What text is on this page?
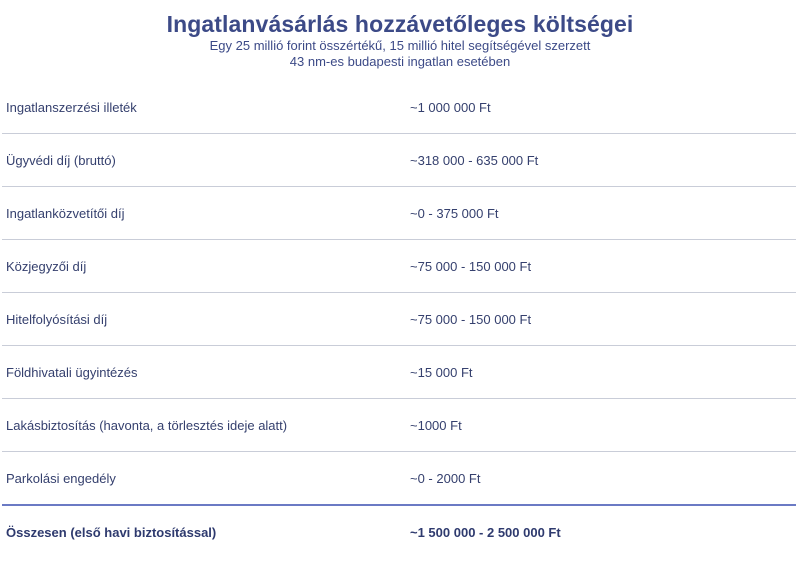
Ingatlanvásárlás hozzávetőleges költségei
Egy 25 millió forint összértékű, 15 millió hitel segítségével szerzett
43 nm-es budapesti ingatlan esetében
Ingatlanszerzési illeték	~1 000 000 Ft
Ügyvédi díj (bruttó)	~318 000 - 635 000 Ft
Ingatlanközvetítői díj	~0 - 375 000 Ft
Közjegyzői díj	~75 000 - 150 000 Ft
Hitelfolyósítási díj	~75 000 - 150 000 Ft
Földhivatali ügyintézés	~15 000 Ft
Lakásbiztosítás (havonta, a törlesztés ideje alatt)	~1000 Ft
Parkolási engedély	~0 - 2000 Ft
Összesen (első havi biztosítással)	~1 500 000 - 2 500 000 Ft
